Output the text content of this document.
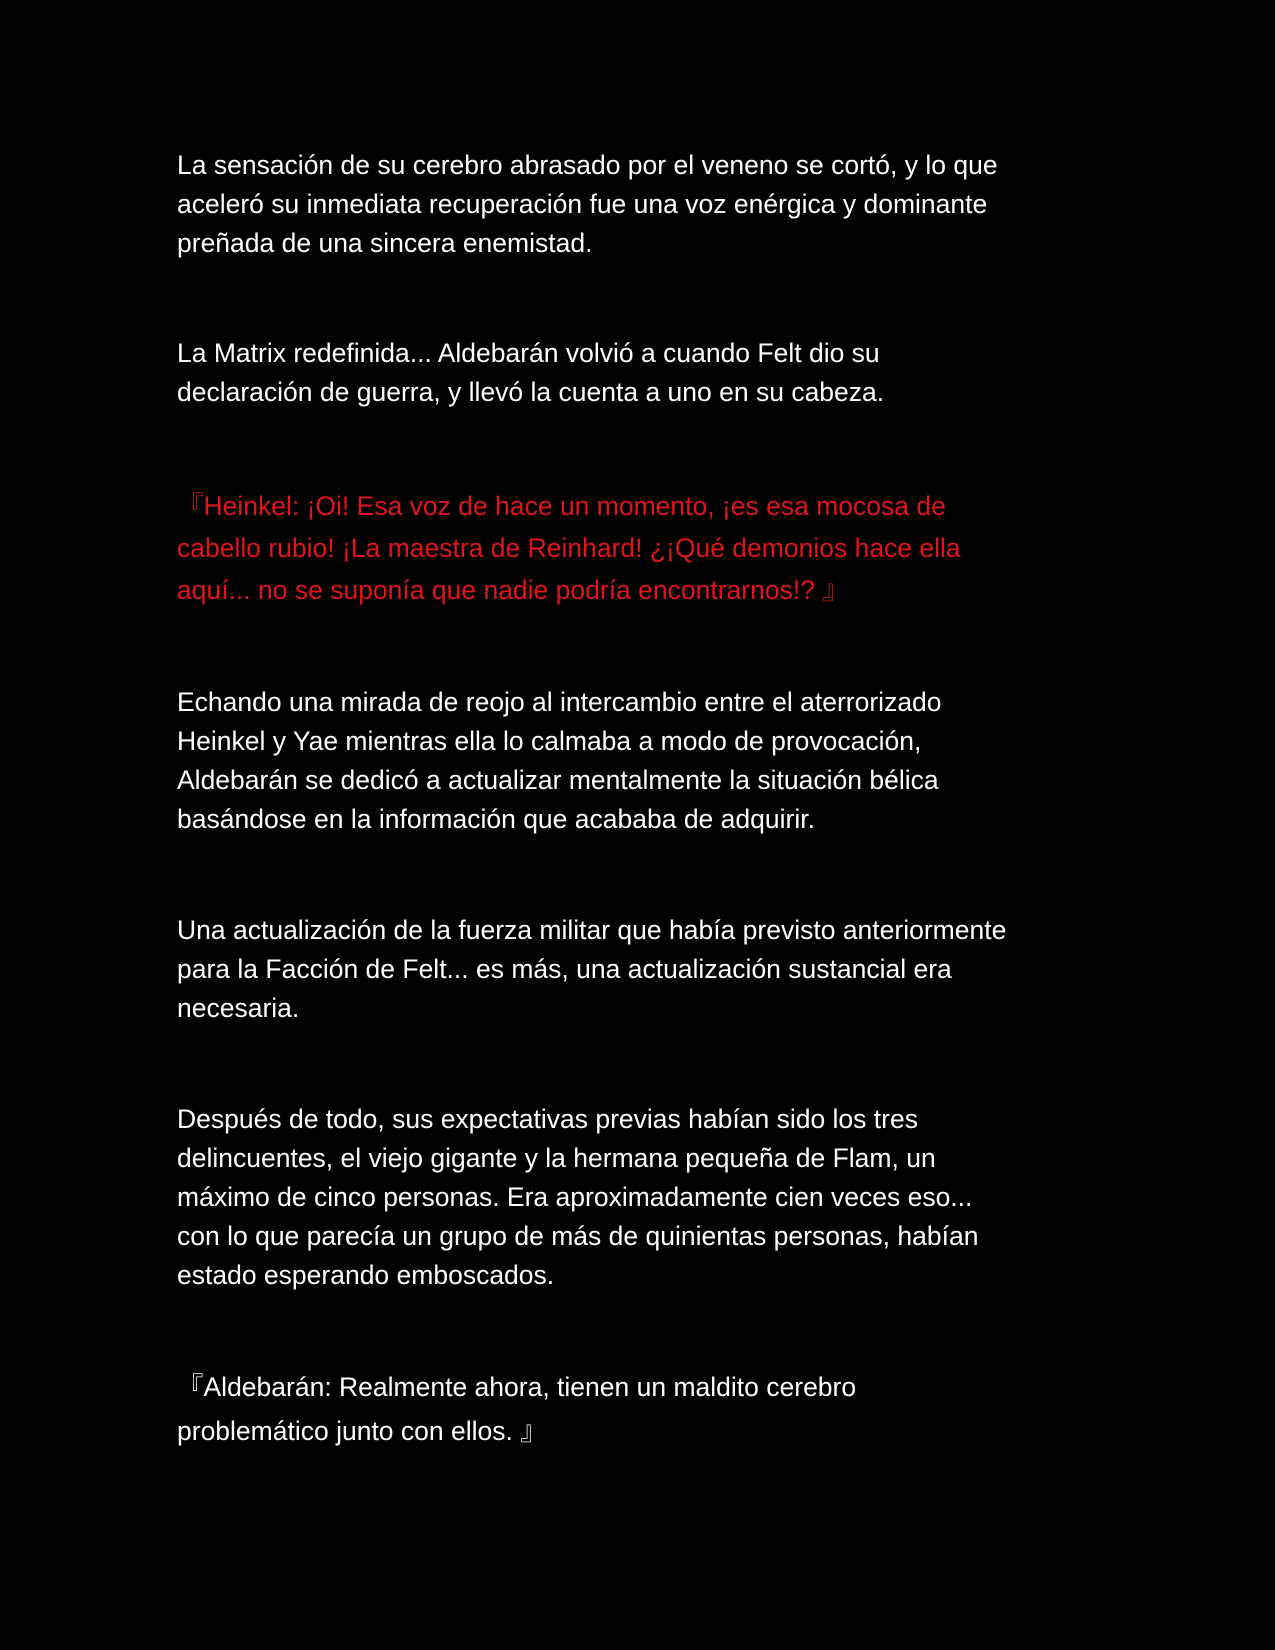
La sensación de su cerebro abrasado por el veneno se cortó, y lo que
aceleró su inmediata recuperación fue una voz enérgica y dominante
preñada de una sincera enemistad.

La Matrix redefinida... Aldebarán volvió a cuando Felt dio su
declaración de guerra, y llevó la cuenta a uno en su cabeza.

『Heinkel: ¡Oi! Esa voz de hace un momento, ¡es esa mocosa de
cabello rubio! ¡La maestra de Reinhard! ¿¡Qué demonios hace ella
aquí... no se suponía que nadie podría encontrarnos!? 』

Echando una mirada de reojo al intercambio entre el aterrorizado
Heinkel y Yae mientras ella lo calmaba a modo de provocación,
Aldebarán se dedicó a actualizar mentalmente la situación bélica
basándose en la información que acababa de adquirir.

Una actualización de la fuerza militar que había previsto anteriormente
para la Facción de Felt... es más, una actualización sustancial era
necesaria.

Después de todo, sus expectativas previas habían sido los tres
delincuentes, el viejo gigante y la hermana pequeña de Flam, un
máximo de cinco personas. Era aproximadamente cien veces eso...
con lo que parecía un grupo de más de quinientas personas, habían
estado esperando emboscados.

『Aldebarán: Realmente ahora, tienen un maldito cerebro
problemático junto con ellos. 』
